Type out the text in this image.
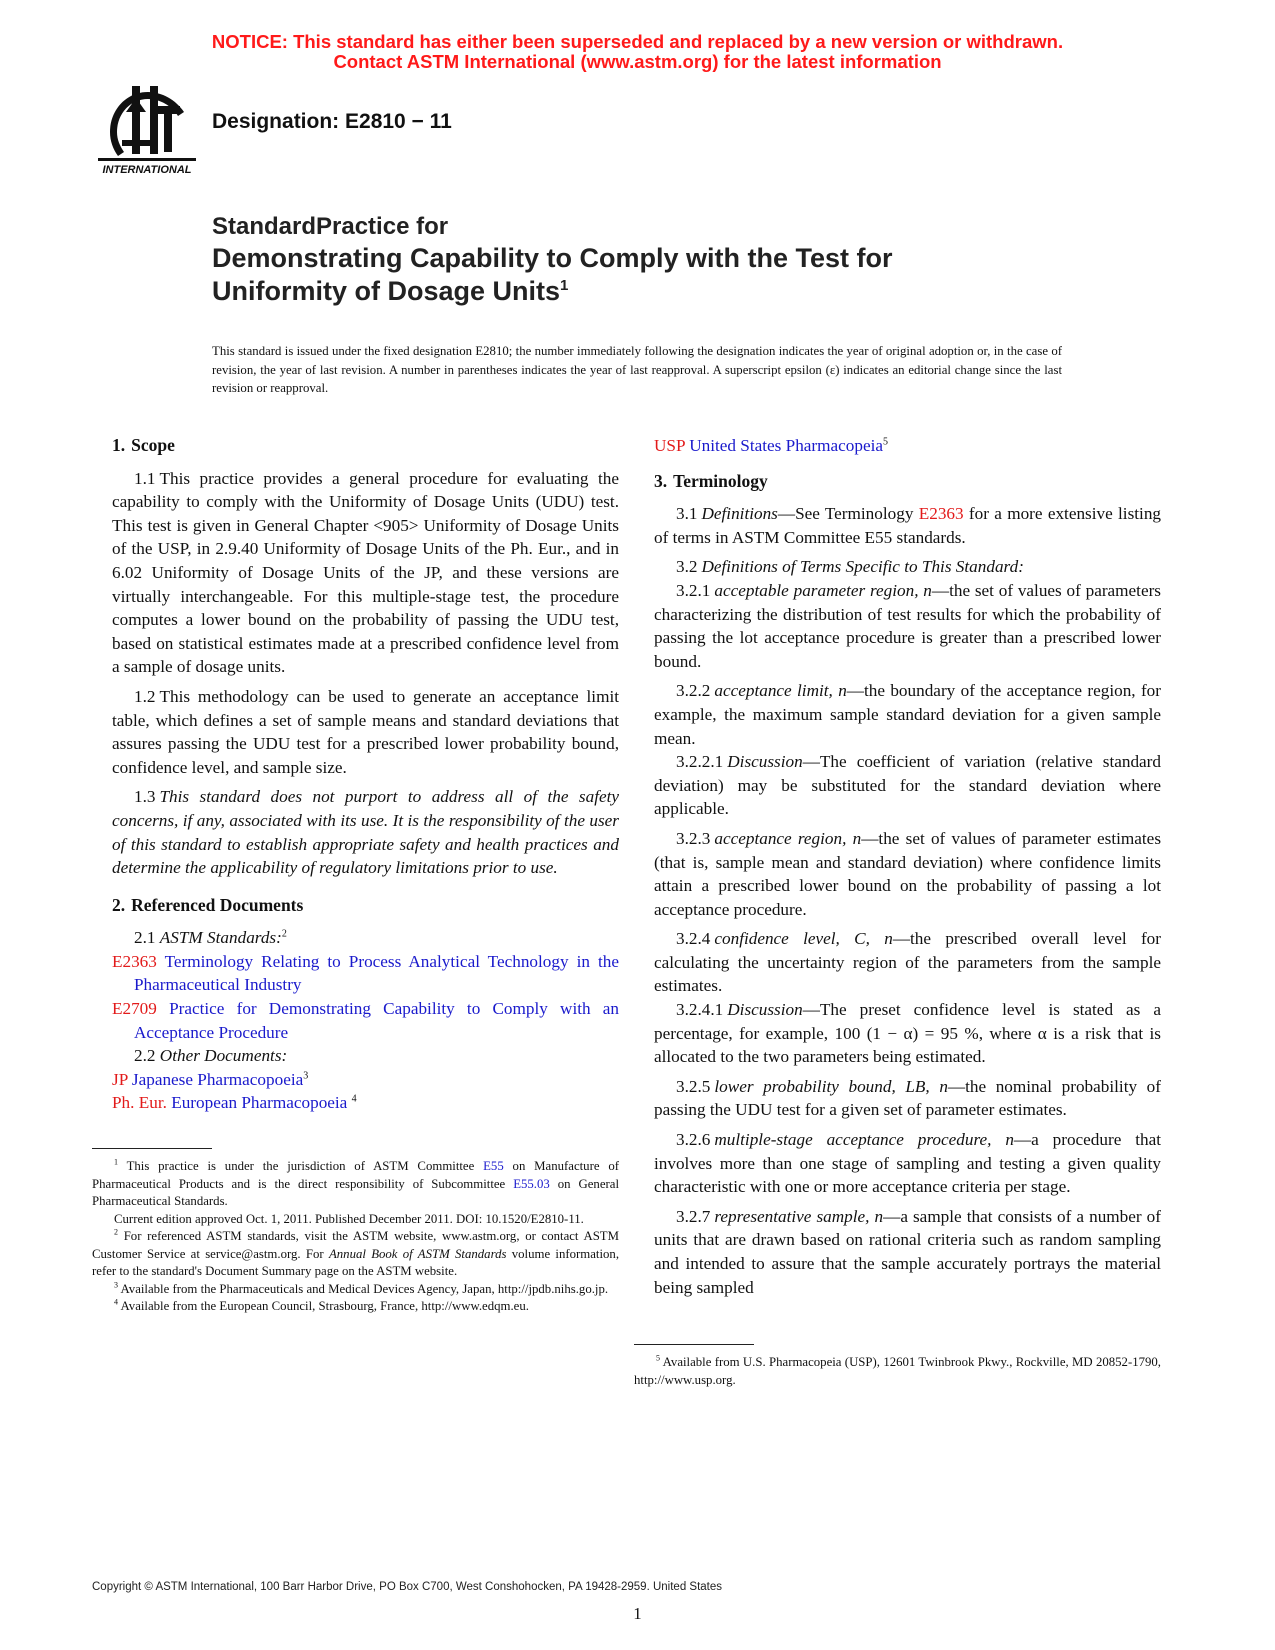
NOTICE: This standard has either been superseded and replaced by a new version or withdrawn.
Contact ASTM International (www.astm.org) for the latest information
INTERNATIONAL
Designation: E2810 − 11
StandardPractice for
Demonstrating Capability to Comply with the Test for
Uniformity of Dosage Units$^1$
This standard is issued under the fixed designation E2810; the number immediately following the designation indicates the year of original adoption or, in the case of revision, the year of last revision. A number in parentheses indicates the year of last reapproval. A superscript epsilon (ε) indicates an editorial change since the last revision or reapproval.
1. Scope

1.1 This practice provides a general procedure for evaluating the capability to comply with the Uniformity of Dosage Units (UDU) test. This test is given in General Chapter <905> Uniformity of Dosage Units of the USP, in 2.9.40 Uniformity of Dosage Units of the Ph. Eur., and in 6.02 Uniformity of Dosage Units of the JP, and these versions are virtually interchangeable. For this multiple-stage test, the procedure computes a lower bound on the probability of passing the UDU test, based on statistical estimates made at a prescribed confidence level from a sample of dosage units.

1.2 This methodology can be used to generate an acceptance limit table, which defines a set of sample means and standard deviations that assures passing the UDU test for a prescribed lower probability bound, confidence level, and sample size.

1.3 This standard does not purport to address all of the safety concerns, if any, associated with its use. It is the responsibility of the user of this standard to establish appropriate safety and health practices and determine the applicability of regulatory limitations prior to use.

2. Referenced Documents

2.1 ASTM Standards:$^2$

E2363 Terminology Relating to Process Analytical Technology in the Pharmaceutical Industry

E2709 Practice for Demonstrating Capability to Comply with an Acceptance Procedure

2.2 Other Documents:

JP Japanese Pharmacopoeia$^3$

Ph. Eur. European Pharmacopoeia $^4$

$^1$ This practice is under the jurisdiction of ASTM Committee E55 on Manufacture of Pharmaceutical Products and is the direct responsibility of Subcommittee E55.03 on General Pharmaceutical Standards.

Current edition approved Oct. 1, 2011. Published December 2011. DOI: 10.1520/E2810-11.

$^2$ For referenced ASTM standards, visit the ASTM website, www.astm.org, or contact ASTM Customer Service at service@astm.org. For Annual Book of ASTM Standards volume information, refer to the standard's Document Summary page on the ASTM website.

$^3$ Available from the Pharmaceuticals and Medical Devices Agency, Japan, http://jpdb.nihs.go.jp.

$^4$ Available from the European Council, Strasbourg, France, http://www.edqm.eu.

USP United States Pharmacopeia$^5$

3. Terminology

3.1 Definitions—See Terminology E2363 for a more extensive listing of terms in ASTM Committee E55 standards.

3.2 Definitions of Terms Specific to This Standard:

3.2.1 acceptable parameter region, n—the set of values of parameters characterizing the distribution of test results for which the probability of passing the lot acceptance procedure is greater than a prescribed lower bound.

3.2.2 acceptance limit, n—the boundary of the acceptance region, for example, the maximum sample standard deviation for a given sample mean.

3.2.2.1 Discussion—The coefficient of variation (relative standard deviation) may be substituted for the standard deviation where applicable.

3.2.3 acceptance region, n—the set of values of parameter estimates (that is, sample mean and standard deviation) where confidence limits attain a prescribed lower bound on the probability of passing a lot acceptance procedure.

3.2.4 confidence level, C, n—the prescribed overall level for calculating the uncertainty region of the parameters from the sample estimates.

3.2.4.1 Discussion—The preset confidence level is stated as a percentage, for example, 100 (1 − α) = 95 %, where α is a risk that is allocated to the two parameters being estimated.

3.2.5 lower probability bound, LB, n—the nominal probability of passing the UDU test for a given set of parameter estimates.

3.2.6 multiple-stage acceptance procedure, n—a procedure that involves more than one stage of sampling and testing a given quality characteristic with one or more acceptance criteria per stage.

3.2.7 representative sample, n—a sample that consists of a number of units that are drawn based on rational criteria such as random sampling and intended to assure that the sample accurately portrays the material being sampled

$^5$ Available from U.S. Pharmacopeia (USP), 12601 Twinbrook Pkwy., Rockville, MD 20852-1790, http://www.usp.org.

Copyright © ASTM International, 100 Barr Harbor Drive, PO Box C700, West Conshohocken, PA 19428-2959. United States
1
